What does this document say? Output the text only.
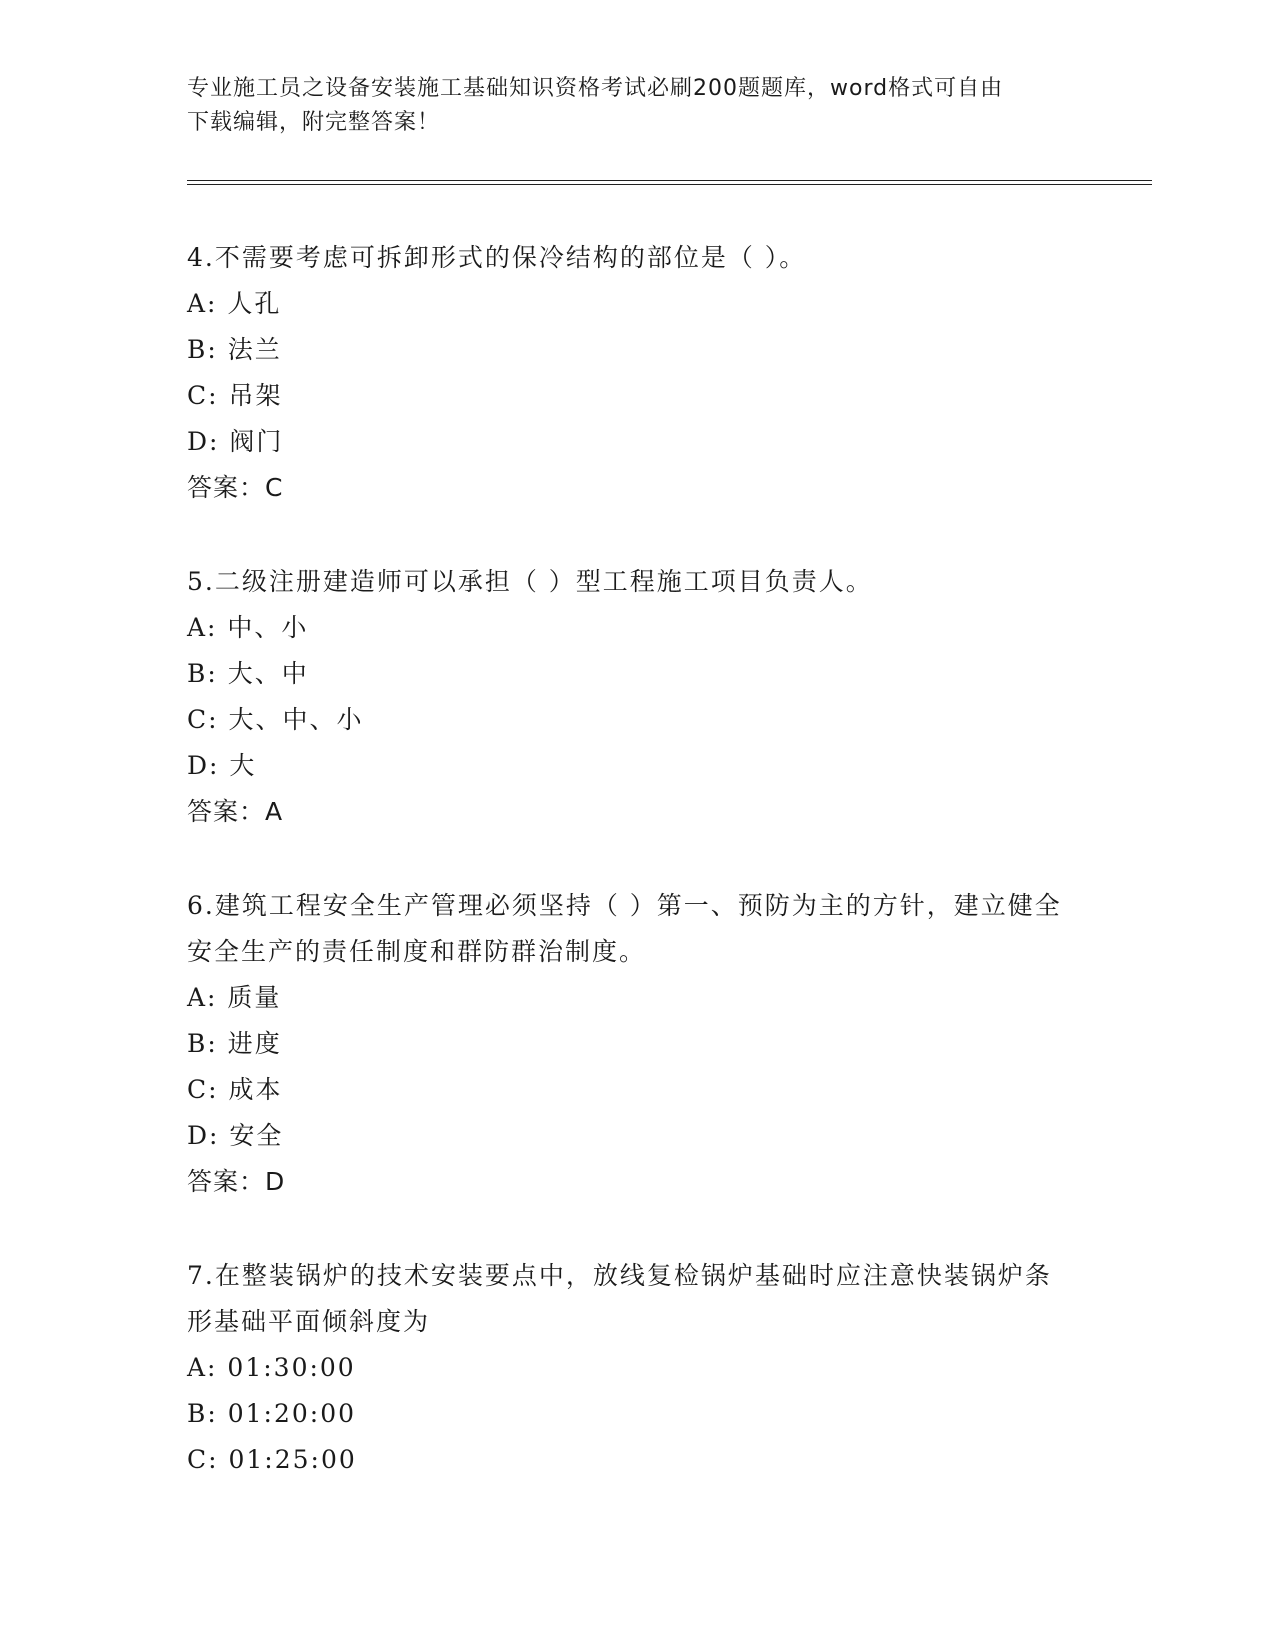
专业施工员之设备安装施工基础知识资格考试必刷200题题库，word格式可自由
下载编辑，附完整答案！
4.不需要考虑可拆卸形式的保冷结构的部位是（ ）。
A: 人孔
B: 法兰
C: 吊架
D: 阀门
答案：C
5.二级注册建造师可以承担（ ）型工程施工项目负责人。
A: 中、小
B: 大、中
C: 大、中、小
D: 大
答案：A
6.建筑工程安全生产管理必须坚持（ ）第一、预防为主的方针，建立健全安全生产的责任制度和群防群治制度。
A: 质量
B: 进度
C: 成本
D: 安全
答案：D
7.在整装锅炉的技术安装要点中，放线复检锅炉基础时应注意快装锅炉条形基础平面倾斜度为
A: 01:30:00
B: 01:20:00
C: 01:25:00
